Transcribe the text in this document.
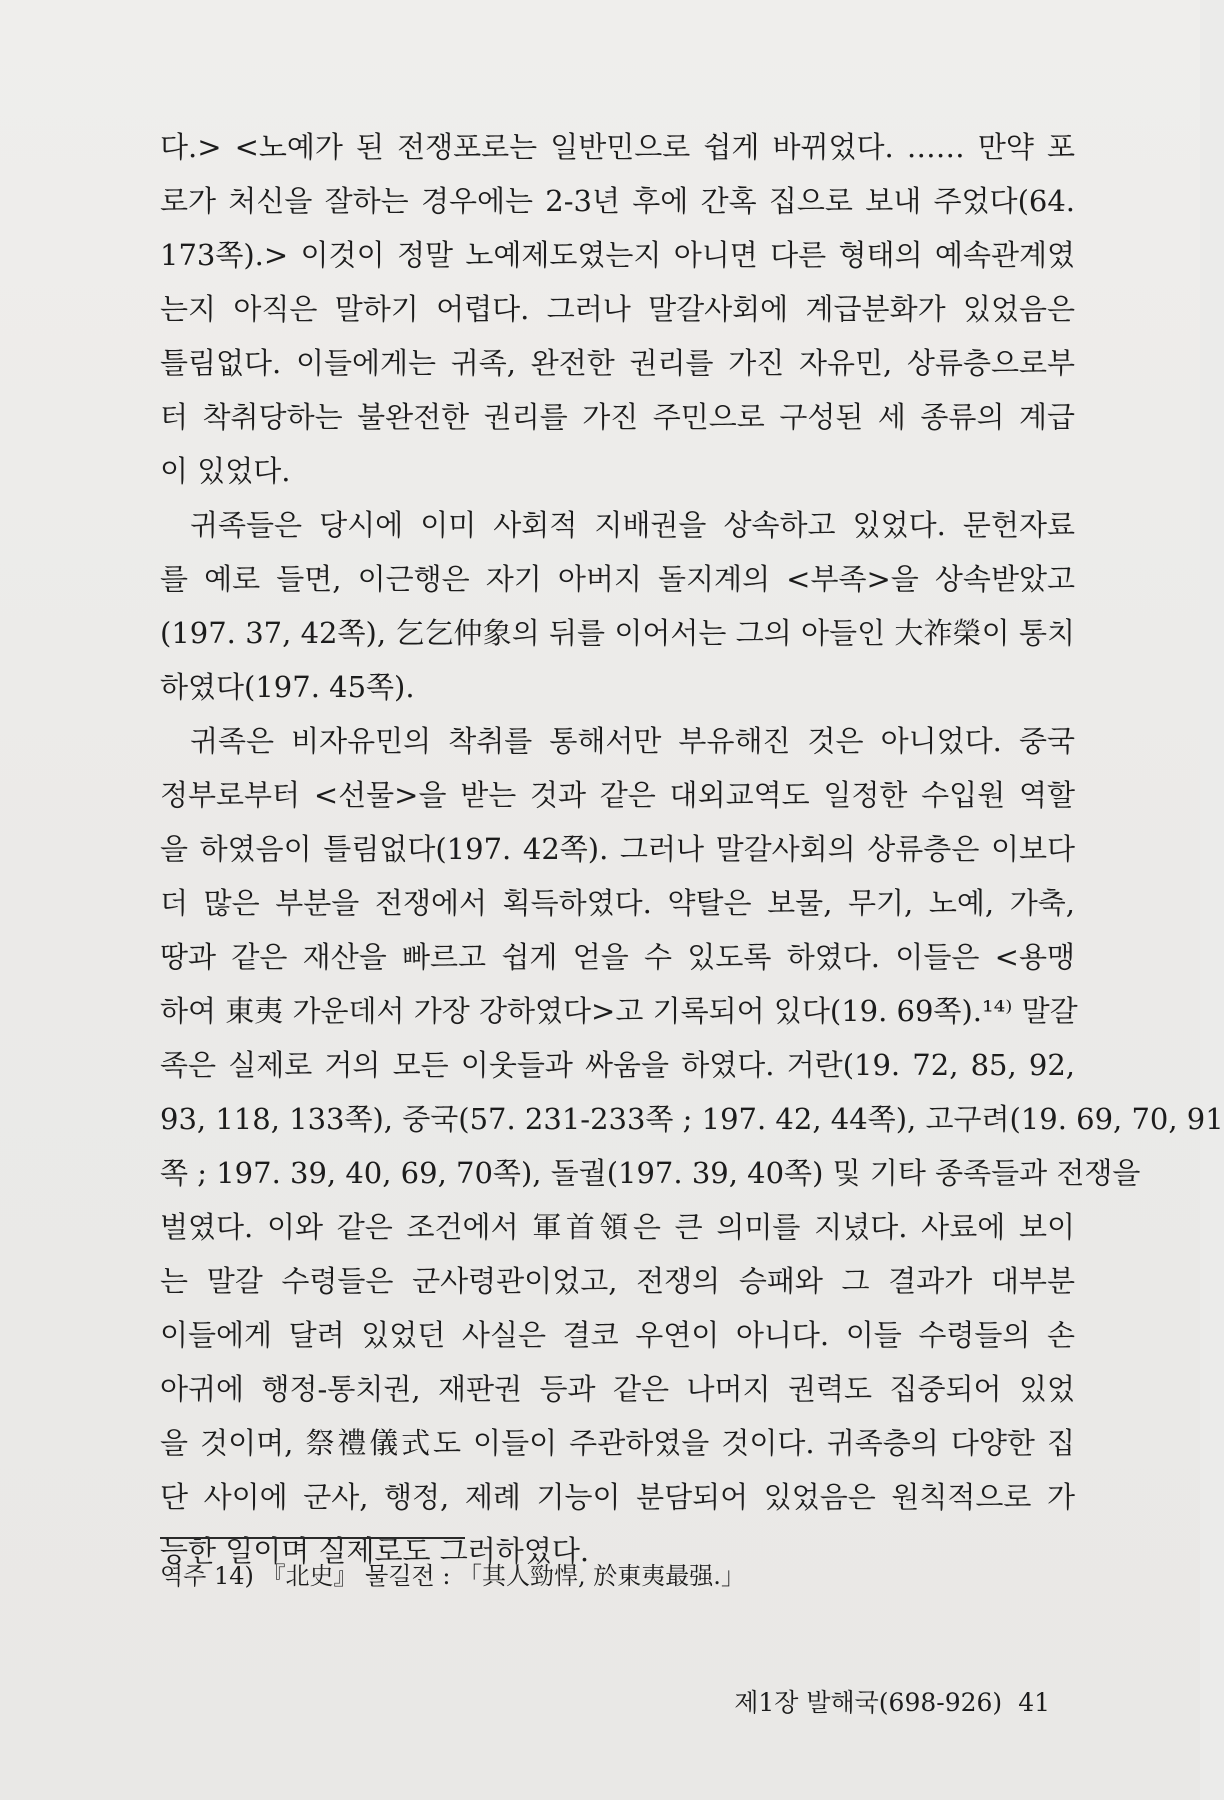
다.> <노예가 된 전쟁포로는 일반민으로 쉽게 바뀌었다. …… 만약 포
로가 처신을 잘하는 경우에는 2-3년 후에 간혹 집으로 보내 주었다(64.
173쪽).> 이것이 정말 노예제도였는지 아니면 다른 형태의 예속관계였
는지 아직은 말하기 어렵다. 그러나 말갈사회에 계급분화가 있었음은
틀림없다. 이들에게는 귀족, 완전한 권리를 가진 자유민, 상류층으로부
터 착취당하는 불완전한 권리를 가진 주민으로 구성된 세 종류의 계급
이 있었다.
귀족들은 당시에 이미 사회적 지배권을 상속하고 있었다. 문헌자료
를 예로 들면, 이근행은 자기 아버지 돌지계의 <부족>을 상속받았고
(197. 37, 42쪽), 乞乞仲象의 뒤를 이어서는 그의 아들인 大祚榮이 통치
하였다(197. 45쪽).
귀족은 비자유민의 착취를 통해서만 부유해진 것은 아니었다. 중국
정부로부터 <선물>을 받는 것과 같은 대외교역도 일정한 수입원 역할
을 하였음이 틀림없다(197. 42쪽). 그러나 말갈사회의 상류층은 이보다
더 많은 부분을 전쟁에서 획득하였다. 약탈은 보물, 무기, 노예, 가축,
땅과 같은 재산을 빠르고 쉽게 얻을 수 있도록 하였다. 이들은 <용맹
하여 東夷 가운데서 가장 강하였다>고 기록되어 있다(19. 69쪽).¹⁴⁾ 말갈
족은 실제로 거의 모든 이웃들과 싸움을 하였다. 거란(19. 72, 85, 92,
93, 118, 133쪽), 중국(57. 231-233쪽 ; 197. 42, 44쪽), 고구려(19. 69, 70, 91
쪽 ; 197. 39, 40, 69, 70쪽), 돌궐(197. 39, 40쪽) 및 기타 종족들과 전쟁을
벌였다. 이와 같은 조건에서 軍首領은 큰 의미를 지녔다. 사료에 보이
는 말갈 수령들은 군사령관이었고, 전쟁의 승패와 그 결과가 대부분
이들에게 달려 있었던 사실은 결코 우연이 아니다. 이들 수령들의 손
아귀에 행정-통치권, 재판권 등과 같은 나머지 권력도 집중되어 있었
을 것이며, 祭禮儀式도 이들이 주관하였을 것이다. 귀족층의 다양한 집
단 사이에 군사, 행정, 제례 기능이 분담되어 있었음은 원칙적으로 가
능한 일이며 실제로도 그러하였다.
역주 14) 『北史』 물길전 : 「其人勁悍, 於東夷最强.」
제1장 발해국(698-926) 41
